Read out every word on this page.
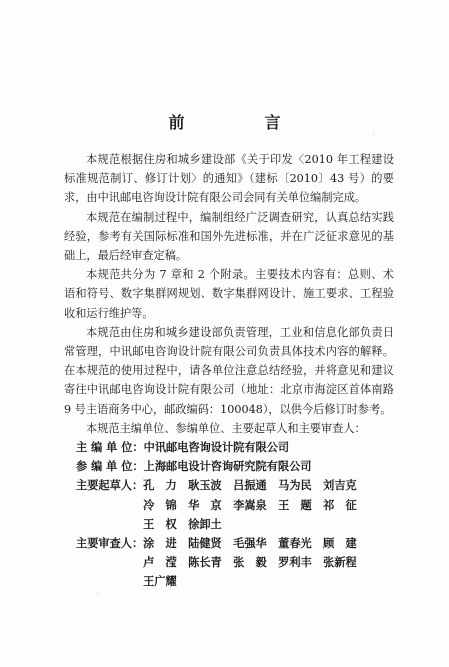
前　言

本规范根据住房和城乡建设部《关于印发〈2010 年工程建设标准规范制订、修订计划〉的通知》（建标〔2010〕43 号）的要求，由中讯邮电咨询设计院有限公司会同有关单位编制完成。

本规范在编制过程中，编制组经广泛调查研究，认真总结实践经验，参考有关国际标准和国外先进标准，并在广泛征求意见的基础上，最后经审查定稿。

本规范共分为 7 章和 2 个附录。主要技术内容有：总则、术语和符号、数字集群网规划、数字集群网设计、施工要求、工程验收和运行维护等。

本规范由住房和城乡建设部负责管理，工业和信息化部负责日常管理，中讯邮电咨询设计院有限公司负责具体技术内容的解释。在本规范的使用过程中，请各单位注意总结经验，并将意见和建议寄往中讯邮电咨询设计院有限公司（地址：北京市海淀区首体南路 9 号主语商务中心，邮政编码：100048），以供今后修订时参考。

本规范主编单位、参编单位、主要起草人和主要审查人：

主 编 单 位： 中讯邮电咨询设计院有限公司
参 编 单 位： 上海邮电设计咨询研究院有限公司
主要起草人： 孔　力	耿玉波	吕振通	马为民	刘吉克
冷　锦	华　京	李嵩泉	王　题	祁　征
王　权	徐卸土
主要审查人： 涂　进	陆健贤	毛强华	董春光	顾　建
卢　滢	陈长青	张　毅	罗利丰	张新程
王广耀
·
·
